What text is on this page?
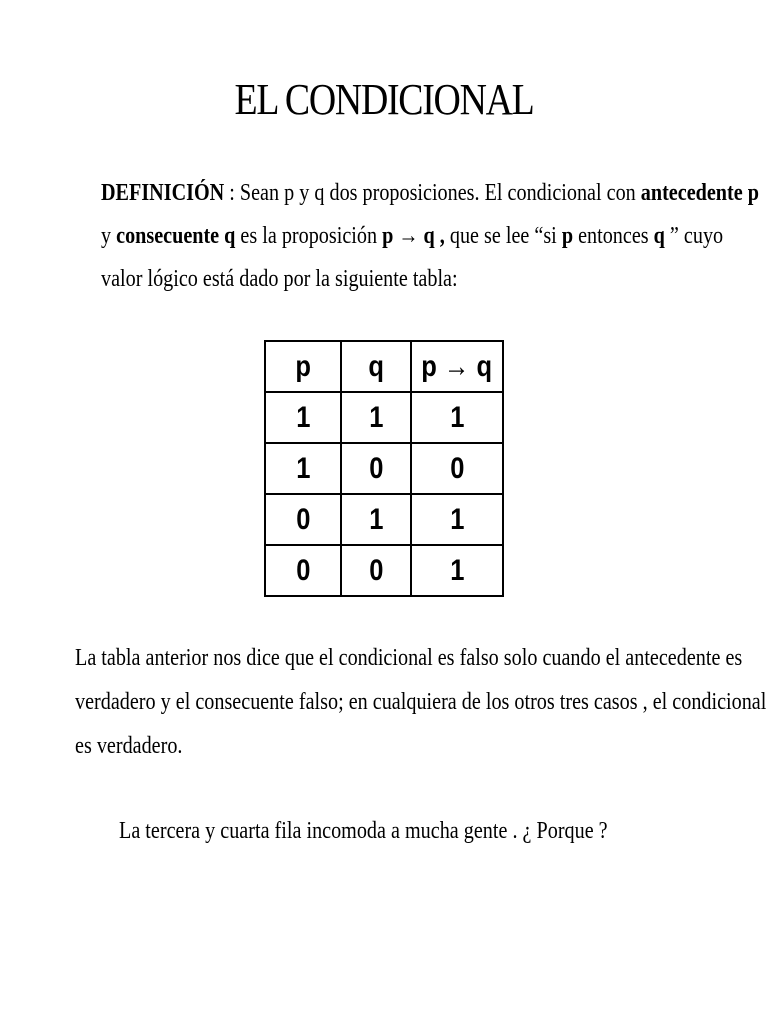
EL CONDICIONAL
DEFINICIÓN : Sean p y q dos proposiciones. El condicional con antecedente p
y consecuente q es la proposición p → q , que se lee “si p entonces q ” cuyo
valor lógico está dado por la siguiente tabla:
p	q	p → q
1	1	1
1	0	0
0	1	1
0	0	1
La tabla anterior nos dice que el condicional es falso solo cuando el antecedente es
verdadero y el consecuente falso; en cualquiera de los otros tres casos , el condicional
es verdadero.
La tercera y cuarta fila incomoda a mucha gente . ¿ Porque ?
